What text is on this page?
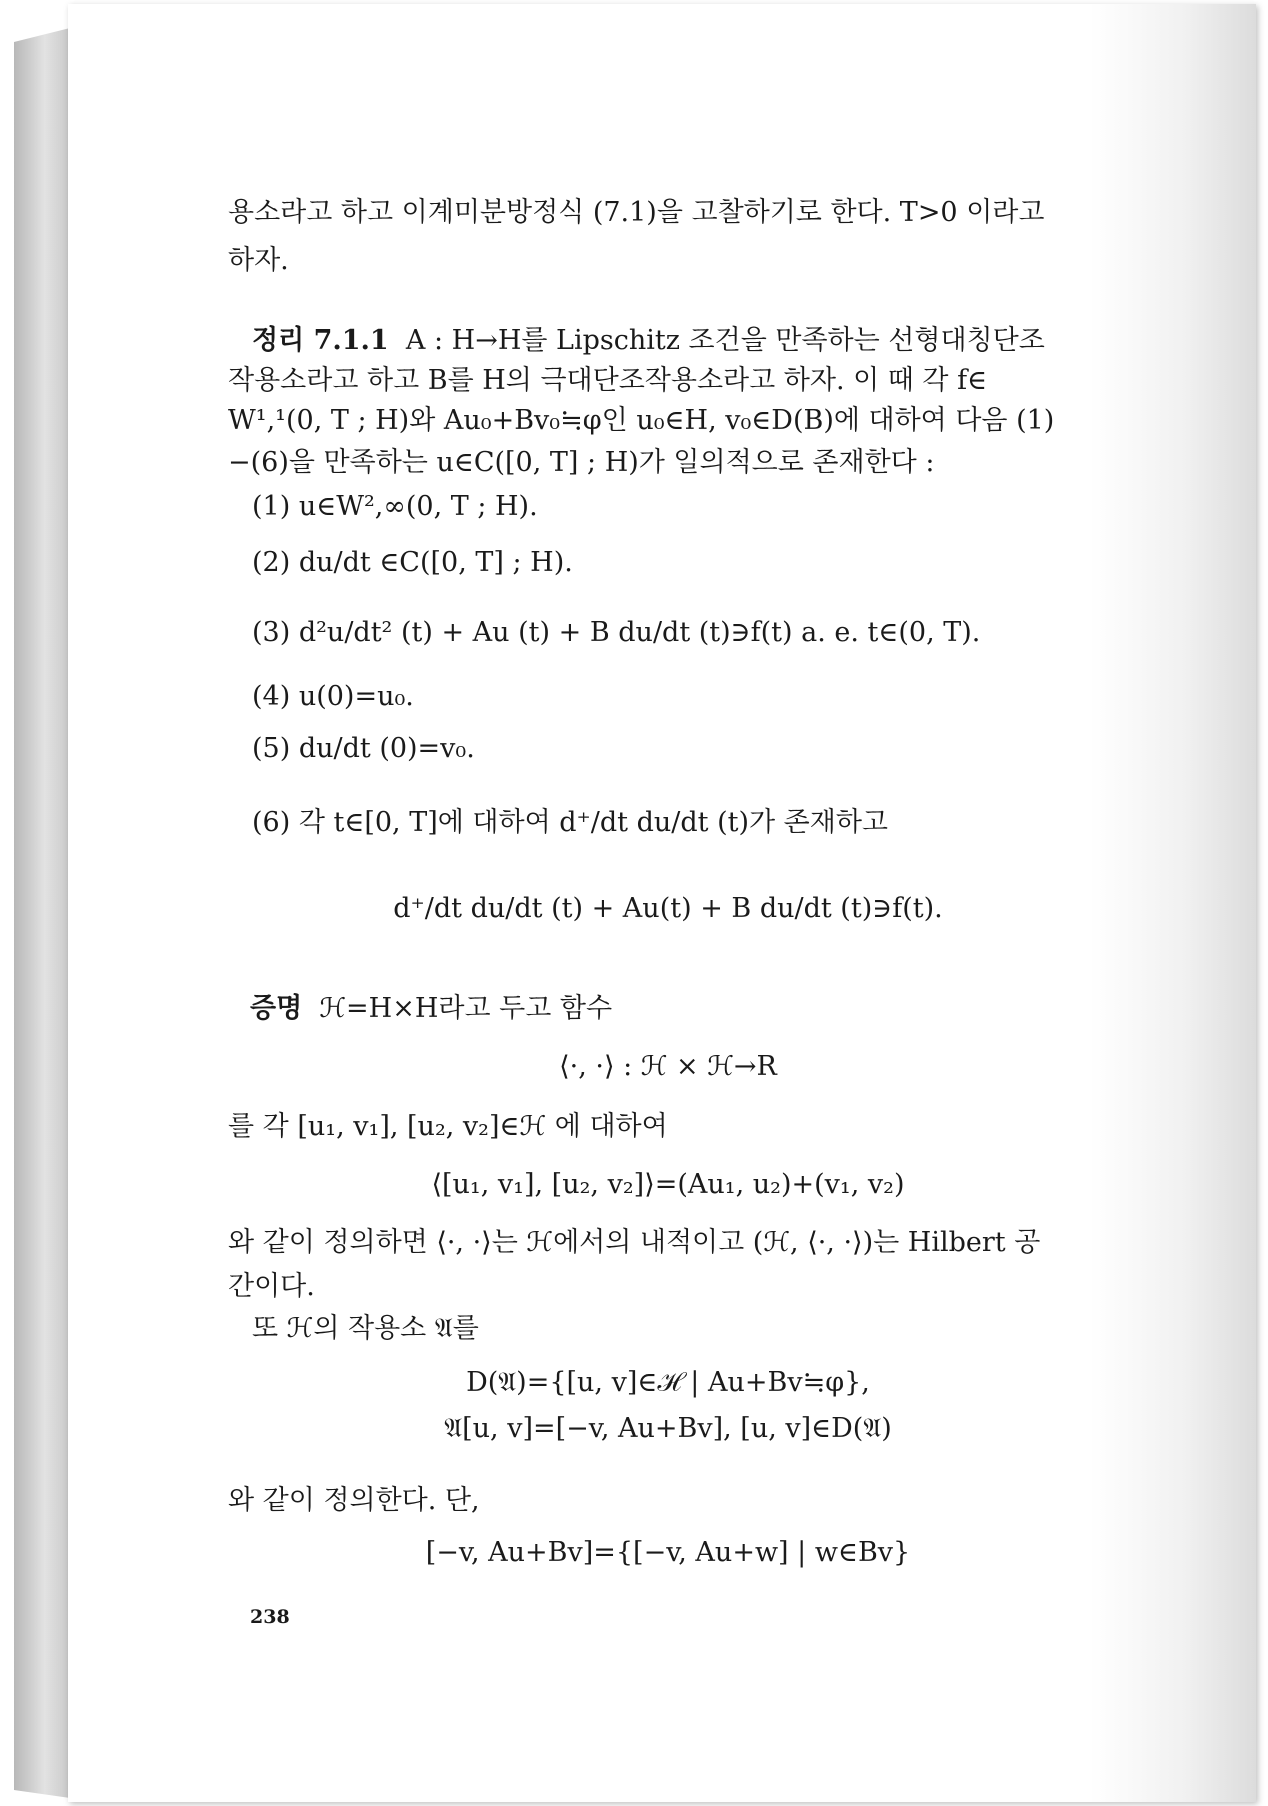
용소라고 하고 이계미분방정식 (7.1)을 고찰하기로 한다. T>0 이라고
하자.
정리 7.1.1 A : H→H를 Lipschitz 조건을 만족하는 선형대칭단조
작용소라고 하고 B를 H의 극대단조작용소라고 하자. 이 때 각 f∈
W¹,¹(0, T ; H)와 Au₀+Bv₀≒φ인 u₀∈H, v₀∈D(B)에 대하여 다음 (1)
−(6)을 만족하는 u∈C([0, T] ; H)가 일의적으로 존재한다 :
(1) u∈W²,∞(0, T ; H).
(2) du/dt ∈C([0, T] ; H).
(3) d²u/dt² (t) + Au (t) + B du/dt (t)∋f(t) a. e. t∈(0, T).
(4) u(0)=u₀.
(5) du/dt (0)=v₀.
(6) 각 t∈[0, T]에 대하여 d⁺/dt du/dt (t)가 존재하고
d⁺/dt du/dt (t) + Au(t) + B du/dt (t)∋f(t).
증명 ℋ=H×H라고 두고 함수
⟨·, ·⟩ : ℋ × ℋ→R
를 각 [u₁, v₁], [u₂, v₂]∈ℋ 에 대하여
⟨[u₁, v₁], [u₂, v₂]⟩=(Au₁, u₂)+(v₁, v₂)
와 같이 정의하면 ⟨·, ·⟩는 ℋ에서의 내적이고 (ℋ, ⟨·, ·⟩)는 Hilbert 공
간이다.
또 ℋ의 작용소 𝔄를
D(𝔄)={[u, v]∈ℋ | Au+Bv≒φ},
𝔄[u, v]=[−v, Au+Bv], [u, v]∈D(𝔄)
와 같이 정의한다. 단,
[−v, Au+Bv]={[−v, Au+w] | w∈Bv}
238
